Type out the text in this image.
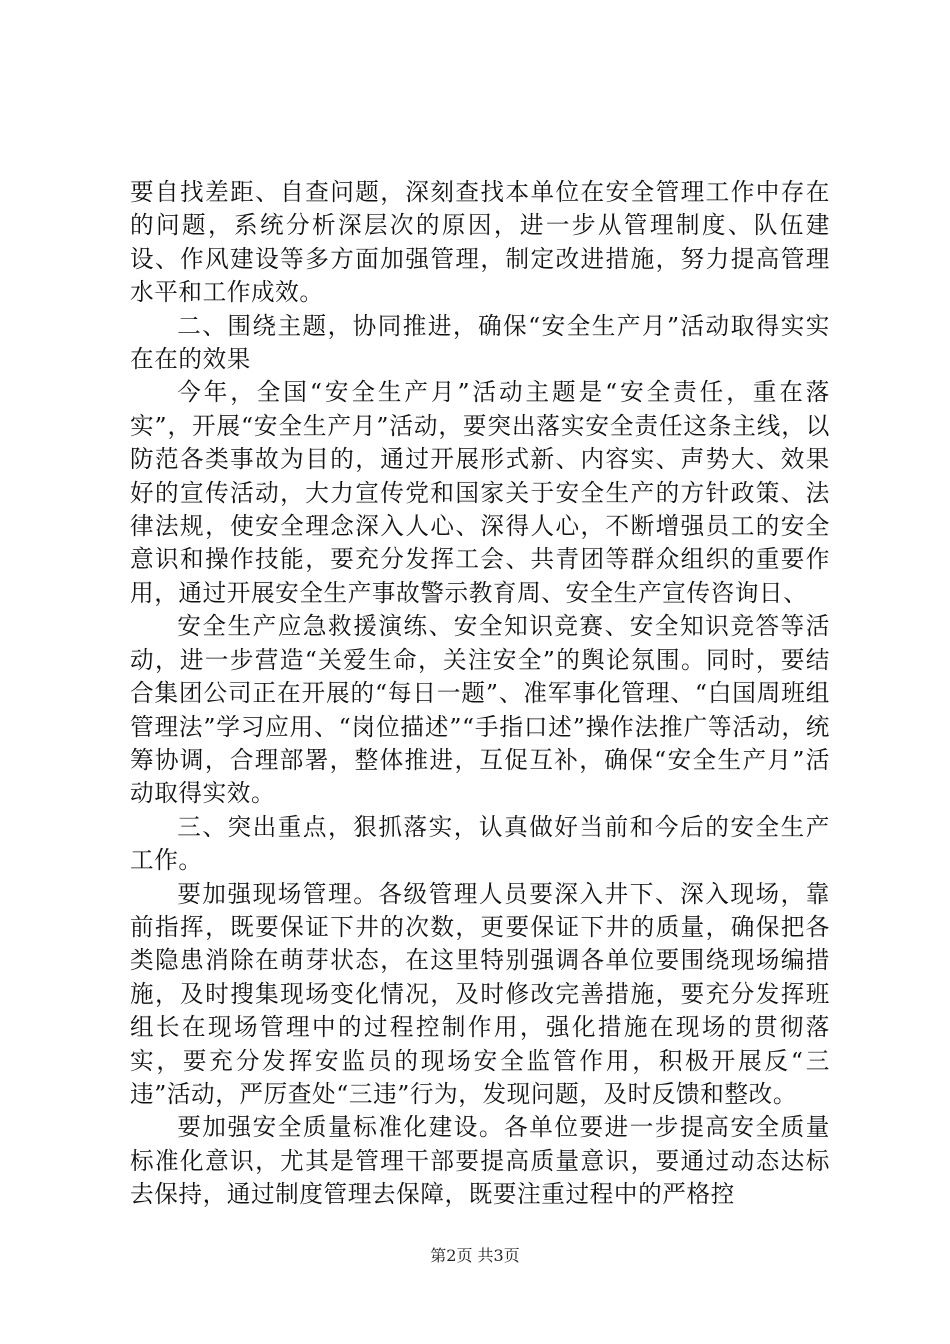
要自找差距、自查问题，深刻查找本单位在安全管理工作中存在的问题，系统分析深层次的原因，进一步从管理制度、队伍建设、作风建设等多方面加强管理，制定改进措施，努力提高管理水平和工作成效。

二、围绕主题，协同推进，确保“安全生产月”活动取得实实在在的效果

今年，全国“安全生产月”活动主题是“安全责任，重在落实”，开展“安全生产月”活动，要突出落实安全责任这条主线，以防范各类事故为目的，通过开展形式新、内容实、声势大、效果好的宣传活动，大力宣传党和国家关于安全生产的方针政策、法律法规，使安全理念深入人心、深得人心，不断增强员工的安全意识和操作技能，要充分发挥工会、共青团等群众组织的重要作用，通过开展安全生产事故警示教育周、安全生产宣传咨询日、

安全生产应急救援演练、安全知识竞赛、安全知识竞答等活动，进一步营造“关爱生命，关注安全”的舆论氛围。同时，要结合集团公司正在开展的“每日一题”、准军事化管理、“白国周班组管理法”学习应用、“岗位描述”“手指口述”操作法推广等活动，统筹协调，合理部署，整体推进，互促互补，确保“安全生产月”活动取得实效。

三、突出重点，狠抓落实，认真做好当前和今后的安全生产工作。

要加强现场管理。各级管理人员要深入井下、深入现场，靠前指挥，既要保证下井的次数，更要保证下井的质量，确保把各类隐患消除在萌芽状态，在这里特别强调各单位要围绕现场编措施，及时搜集现场变化情况，及时修改完善措施，要充分发挥班组长在现场管理中的过程控制作用，强化措施在现场的贯彻落实，要充分发挥安监员的现场安全监管作用，积极开展反“三违”活动，严厉查处“三违”行为，发现问题，及时反馈和整改。

要加强安全质量标准化建设。各单位要进一步提高安全质量标准化意识，尤其是管理干部要提高质量意识，要通过动态达标去保持，通过制度管理去保障，既要注重过程中的严格控

第2页 共3页
